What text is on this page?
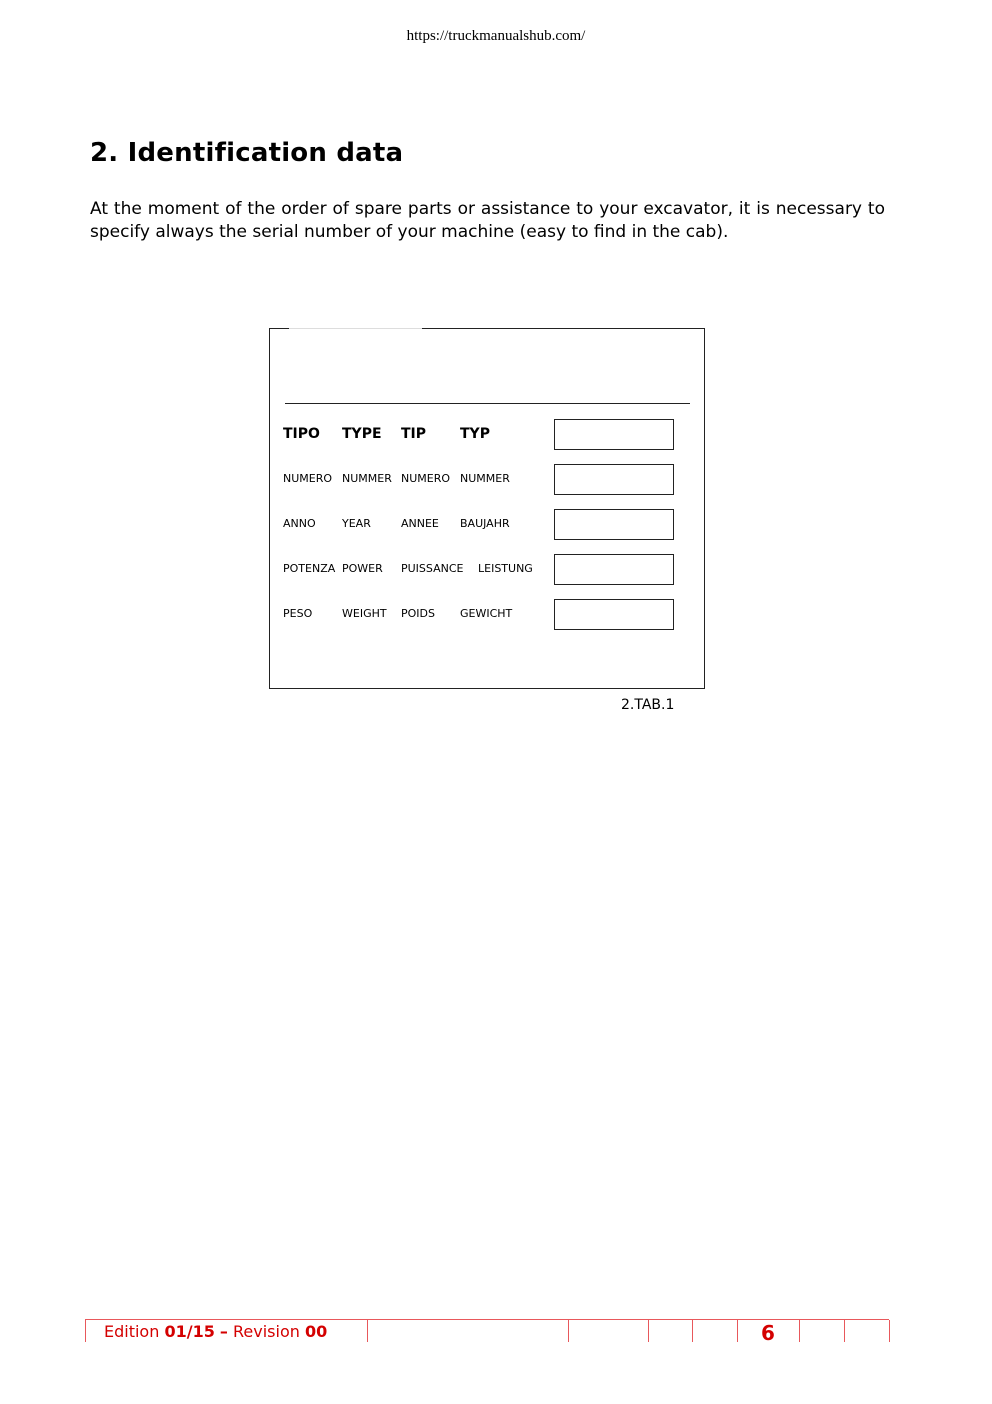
https://truckmanualshub.com/
2. Identification data

At the moment of the order of spare parts or assistance to your excavator, it is necessary to specify always the serial number of your machine (easy to find in the cab).

TIPO TYPE TIP TYP
NUMERO NUMMER NUMERO NUMMER
ANNO YEAR	ANNEE BAUJAHR
POTENZA POWER PUISSANCE LEISTUNG
PESO	WEIGHT POIDS GEWICHT
2.TAB.1
Edition 01/15 – Revision 00	6
